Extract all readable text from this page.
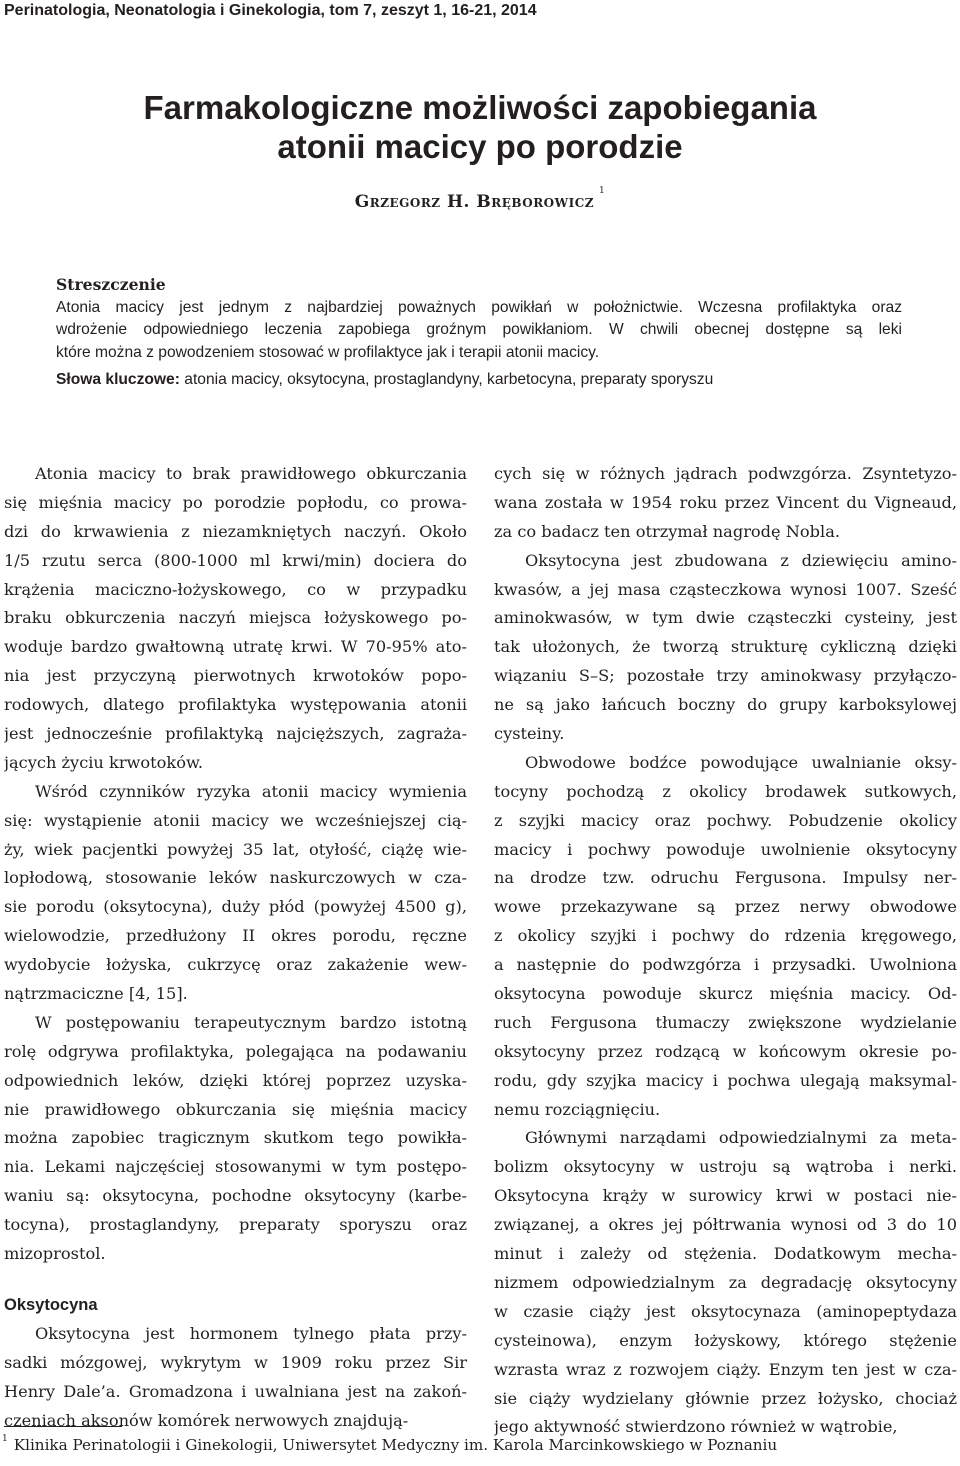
Perinatologia, Neonatologia i Ginekologia, tom 7, zeszyt 1, 16-21, 2014
Farmakologiczne możliwości zapobiegania
atonii macicy po porodzie
Grzegorz H. Bręborowicz$^1$
Streszczenie
Atonia macicy jest jednym z najbardziej poważnych powikłań w położnictwie. Wczesna profilaktyka oraz
wdrożenie odpowiedniego leczenia zapobiega groźnym powikłaniom. W chwili obecnej dostępne są leki
które można z powodzeniem stosować w profilaktyce jak i terapii atonii macicy.
Słowa kluczowe: atonia macicy, oksytocyna, prostaglandyny, karbetocyna, preparaty sporyszu
Atonia macicy to brak prawidłowego obkurczania
się mięśnia macicy po porodzie popłodu, co prowa-
dzi do krwawienia z niezamkniętych naczyń. Około
1/5 rzutu serca (800-1000 ml krwi/min) dociera do
krążenia maciczno-łożyskowego, co w przypadku
braku obkurczenia naczyń miejsca łożyskowego po-
woduje bardzo gwałtowną utratę krwi. W 70-95% ato-
nia jest przyczyną pierwotnych krwotoków popo-
rodowych, dlatego profilaktyka występowania atonii
jest jednocześnie profilaktyką najcięższych, zagraża-
jących życiu krwotoków.
Wśród czynników ryzyka atonii macicy wymienia
się: wystąpienie atonii macicy we wcześniejszej cią-
ży, wiek pacjentki powyżej 35 lat, otyłość, ciążę wie-
lopłodową, stosowanie leków naskurczowych w cza-
sie porodu (oksytocyna), duży płód (powyżej 4500 g),
wielowodzie, przedłużony II okres porodu, ręczne
wydobycie łożyska, cukrzycę oraz zakażenie wew-
nątrzmaciczne [4, 15].
W postępowaniu terapeutycznym bardzo istotną
rolę odgrywa profilaktyka, polegająca na podawaniu
odpowiednich leków, dzięki której poprzez uzyska-
nie prawidłowego obkurczania się mięśnia macicy
można zapobiec tragicznym skutkom tego powikła-
nia. Lekami najczęściej stosowanymi w tym postępo-
waniu są: oksytocyna, pochodne oksytocyny (karbe-
tocyna), prostaglandyny, preparaty sporyszu oraz
mizoprostol.
Oksytocyna
Oksytocyna jest hormonem tylnego płata przy-
sadki mózgowej, wykrytym w 1909 roku przez Sir
Henry Dale’a. Gromadzona i uwalniana jest na zakoń-
czeniach aksonów komórek nerwowych znajdują-
cych się w różnych jądrach podwzgórza. Zsyntetyzo-
wana została w 1954 roku przez Vincent du Vigneaud,
za co badacz ten otrzymał nagrodę Nobla.
Oksytocyna jest zbudowana z dziewięciu amino-
kwasów, a jej masa cząsteczkowa wynosi 1007. Sześć
aminokwasów, w tym dwie cząsteczki cysteiny, jest
tak ułożonych, że tworzą strukturę cykliczną dzięki
wiązaniu S–S; pozostałe trzy aminokwasy przyłączo-
ne są jako łańcuch boczny do grupy karboksylowej
cysteiny.
Obwodowe bodźce powodujące uwalnianie oksy-
tocyny pochodzą z okolicy brodawek sutkowych,
z szyjki macicy oraz pochwy. Pobudzenie okolicy
macicy i pochwy powoduje uwolnienie oksytocyny
na drodze tzw. odruchu Fergusona. Impulsy ner-
wowe przekazywane są przez nerwy obwodowe
z okolicy szyjki i pochwy do rdzenia kręgowego,
a następnie do podwzgórza i przysadki. Uwolniona
oksytocyna powoduje skurcz mięśnia macicy. Od-
ruch Fergusona tłumaczy zwiększone wydzielanie
oksytocyny przez rodzącą w końcowym okresie po-
rodu, gdy szyjka macicy i pochwa ulegają maksymal-
nemu rozciągnięciu.
Głównymi narządami odpowiedzialnymi za meta-
bolizm oksytocyny w ustroju są wątroba i nerki.
Oksytocyna krąży w surowicy krwi w postaci nie-
związanej, a okres jej półtrwania wynosi od 3 do 10
minut i zależy od stężenia. Dodatkowym mecha-
nizmem odpowiedzialnym za degradację oksytocyny
w czasie ciąży jest oksytocynaza (aminopeptydaza
cysteinowa), enzym łożyskowy, którego stężenie
wzrasta wraz z rozwojem ciąży. Enzym ten jest w cza-
sie ciąży wydzielany głównie przez łożysko, chociaż
jego aktywność stwierdzono również w wątrobie,
$^1$ Klinika Perinatologii i Ginekologii, Uniwersytet Medyczny im. Karola Marcinkowskiego w Poznaniu
